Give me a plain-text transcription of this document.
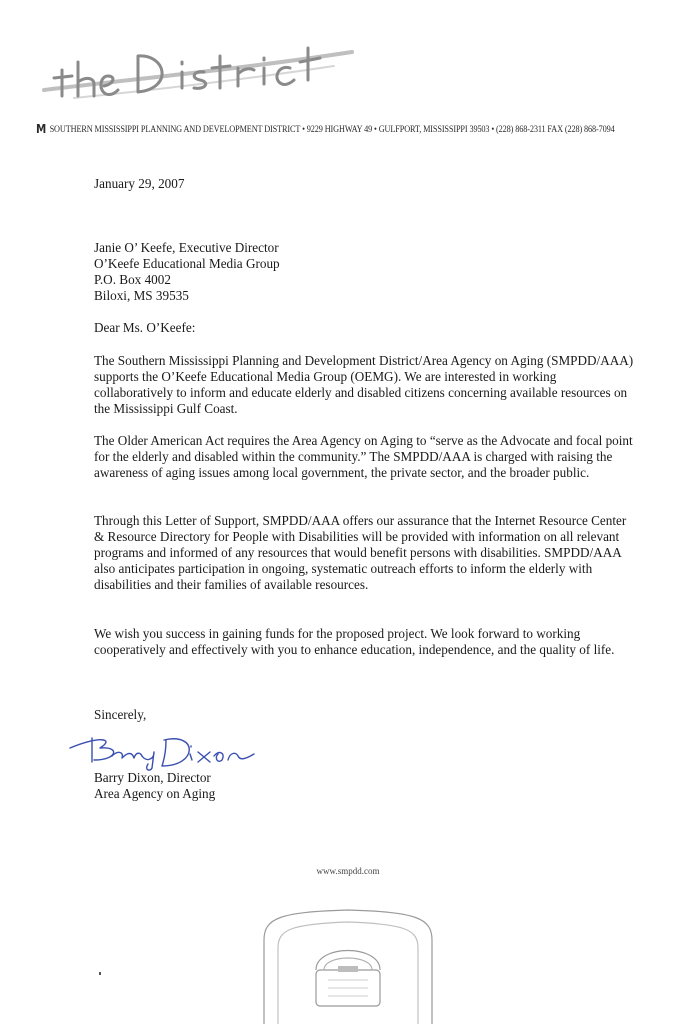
M SOUTHERN MISSISSIPPI PLANNING AND DEVELOPMENT DISTRICT • 9229 HIGHWAY 49 • GULFPORT, MISSISSIPPI 39503 • (228) 868-2311 FAX (228) 868-7094
January 29, 2007
Janie O’ Keefe, Executive Director
O’Keefe Educational Media Group
P.O. Box 4002
Biloxi, MS 39535
Dear Ms. O’Keefe:
The Southern Mississippi Planning and Development District/Area Agency on Aging (SMPDD/AAA) supports the O’Keefe Educational Media Group (OEMG). We are interested in working collaboratively to inform and educate elderly and disabled citizens concerning available resources on the Mississippi Gulf Coast.
The Older American Act requires the Area Agency on Aging to “serve as the Advocate and focal point for the elderly and disabled within the community.” The SMPDD/AAA is charged with raising the awareness of aging issues among local government, the private sector, and the broader public.
Through this Letter of Support, SMPDD/AAA offers our assurance that the Internet Resource Center & Resource Directory for People with Disabilities will be provided with information on all relevant programs and informed of any resources that would benefit persons with disabilities. SMPDD/AAA also anticipates participation in ongoing, systematic outreach efforts to inform the elderly with disabilities and their families of available resources.
We wish you success in gaining funds for the proposed project. We look forward to working cooperatively and effectively with you to enhance education, independence, and the quality of life.
Sincerely,
Barry Dixon, Director
Area Agency on Aging
www.smpdd.com
